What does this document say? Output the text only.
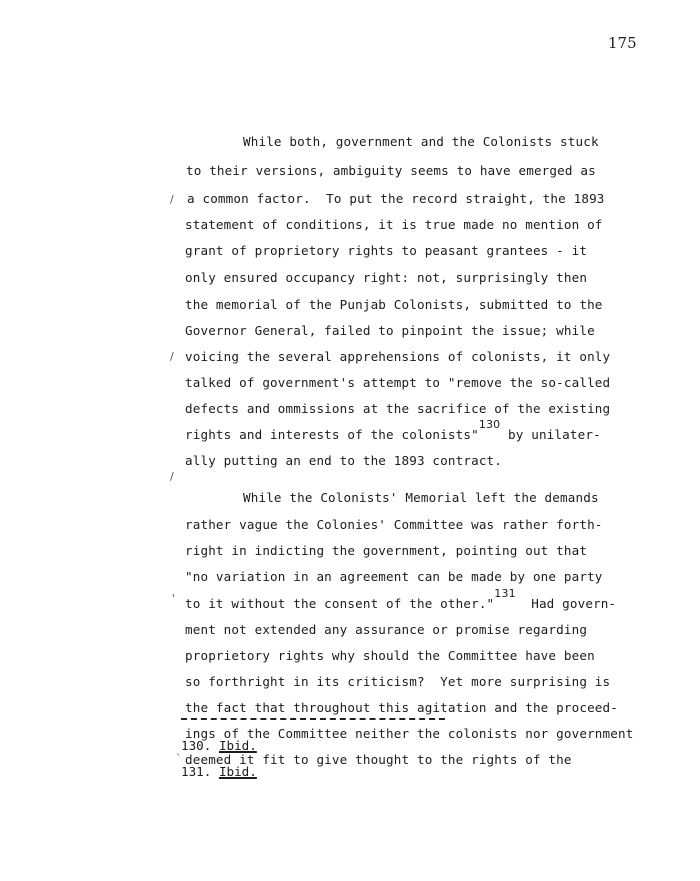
175
While both, government and the Colonists stuck
to their versions, ambiguity seems to have emerged as
a common factor.  To put the record straight, the 1893
statement of conditions, it is true made no mention of
grant of proprietory rights to peasant grantees - it
only ensured occupancy right: not, surprisingly then
the memorial of the Punjab Colonists, submitted to the
Governor General, failed to pinpoint the issue; while
voicing the several apprehensions of colonists, it only
talked of government's attempt to "remove the so-called
defects and ommissions at the sacrifice of the existing
rights and interests of the colonists"$^{130}$ by unilater-
ally putting an end to the 1893 contract.
While the Colonists' Memorial left the demands
rather vague the Colonies' Committee was rather forth-
right in indicting the government, pointing out that
"no variation in an agreement can be made by one party
to it without the consent of the other."$^{131}$  Had govern-
ment not extended any assurance or promise regarding
proprietory rights why should the Committee have been
so forthright in its criticism?  Yet more surprising is
the fact that throughout this agitation and the proceed-
ings of the Committee neither the colonists nor government
deemed it fit to give thought to the rights of the
/
/
/
'
`
130. Ibid.
131. Ibid.
